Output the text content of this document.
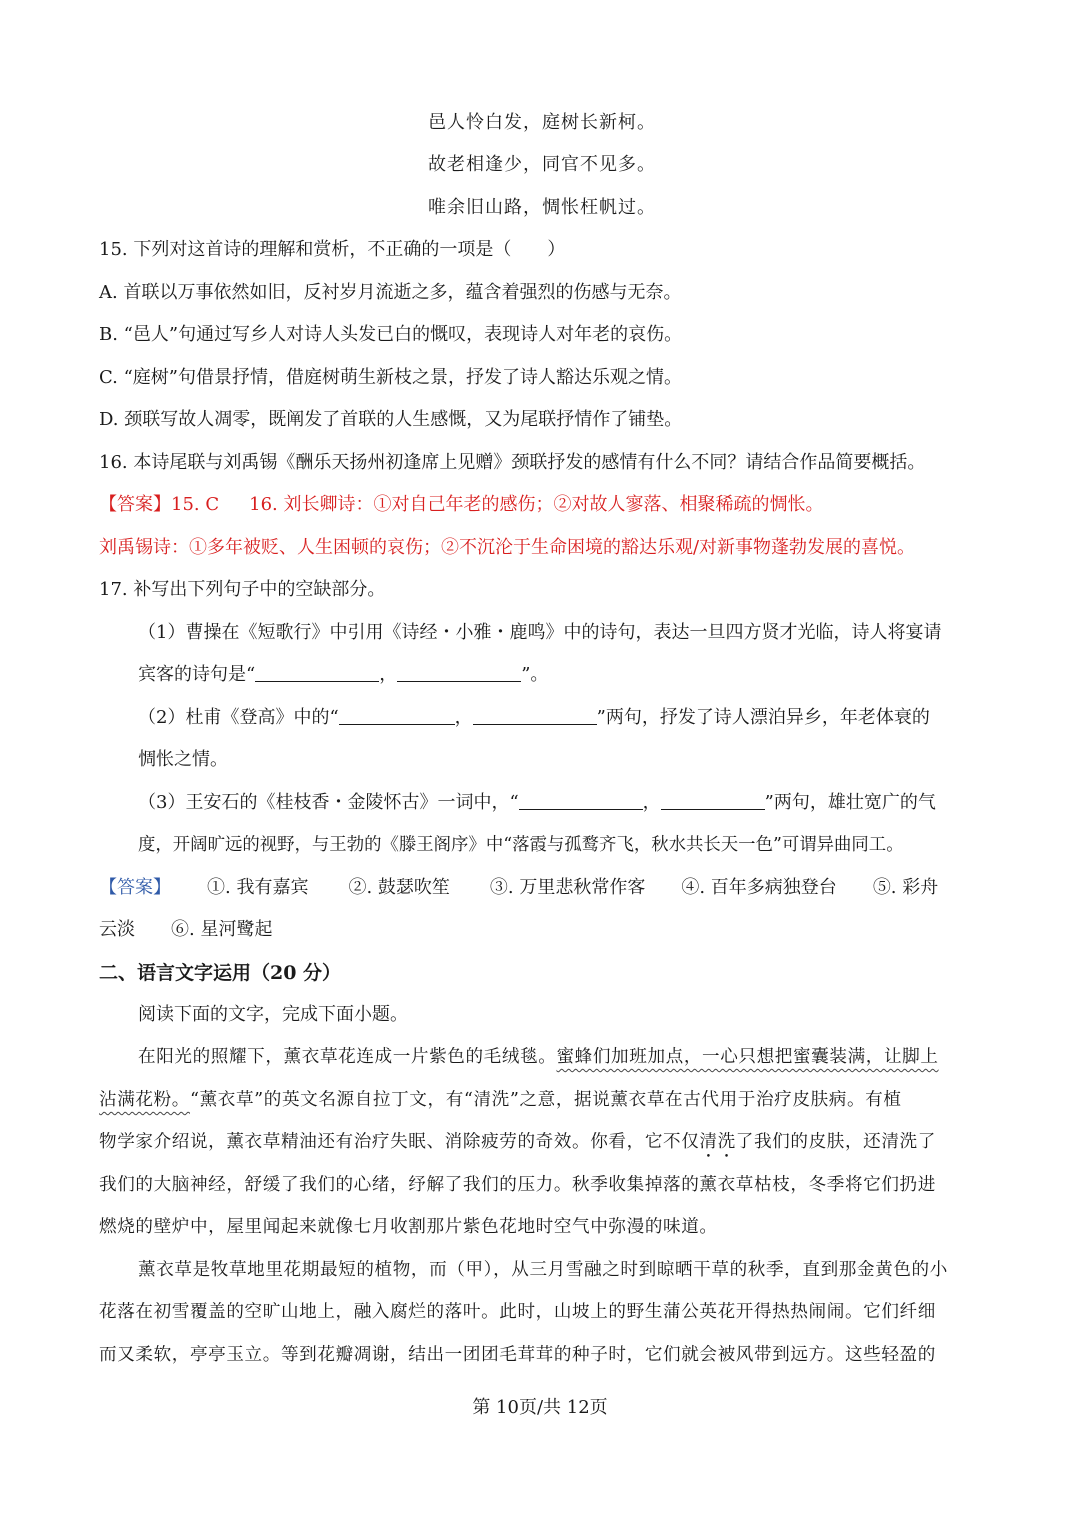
邑人怜白发，庭树长新柯。
故老相逢少，同官不见多。
唯余旧山路，惆怅枉帆过。
15. 下列对这首诗的理解和赏析，不正确的一项是（　　）
A. 首联以万事依然如旧，反衬岁月流逝之多，蕴含着强烈的伤感与无奈。
B. “邑人”句通过写乡人对诗人头发已白的慨叹，表现诗人对年老的哀伤。
C. “庭树”句借景抒情，借庭树萌生新枝之景，抒发了诗人豁达乐观之情。
D. 颈联写故人凋零，既阐发了首联的人生感慨，又为尾联抒情作了铺垫。
16. 本诗尾联与刘禹锡《酬乐天扬州初逢席上见赠》颈联抒发的感情有什么不同？请结合作品简要概括。
【答案】15. C 16. 刘长卿诗：①对自己年老的感伤；②对故人寥落、相聚稀疏的惆怅。
刘禹锡诗：①多年被贬、人生困顿的哀伤；②不沉沦于生命困境的豁达乐观/对新事物蓬勃发展的喜悦。
17. 补写出下列句子中的空缺部分。
（1）曹操在《短歌行》中引用《诗经・小雅・鹿鸣》中的诗句，表达一旦四方贤才光临，诗人将宴请
宾客的诗句是“	，	”。
（2）杜甫《登高》中的“	，	”两句，抒发了诗人漂泊异乡，年老体衰的
惆怅之情。
（3）王安石的《桂枝香・金陵怀古》一词中，“	，	”两句，雄壮宽广的气
度，开阔旷远的视野，与王勃的《滕王阁序》中“落霞与孤鹜齐飞，秋水共长天一色”可谓异曲同工。
【答案】 ①. 我有嘉宾 ②. 鼓瑟吹笙 ③. 万里悲秋常作客 ④. 百年多病独登台 ⑤. 彩舟
云淡 ⑥. 星河鹭起
二、语言文字运用（20 分）
阅读下面的文字，完成下面小题。
在阳光的照耀下，薰衣草花连成一片紫色的毛绒毯。蜜蜂们加班加点，一心只想把蜜囊装满，让脚上
沾满花粉。“薰衣草”的英文名源自拉丁文，有“清洗”之意，据说薰衣草在古代用于治疗皮肤病。有植
物学家介绍说，薰衣草精油还有治疗失眠、消除疲劳的奇效。你看，它不仅清洗了我们的皮肤，还清洗了
我们的大脑神经，舒缓了我们的心绪，纾解了我们的压力。秋季收集掉落的薰衣草枯枝，冬季将它们扔进
燃烧的壁炉中，屋里闻起来就像七月收割那片紫色花地时空气中弥漫的味道。
薰衣草是牧草地里花期最短的植物，而（甲），从三月雪融之时到晾晒干草的秋季，直到那金黄色的小
花落在初雪覆盖的空旷山地上，融入腐烂的落叶。此时，山坡上的野生蒲公英花开得热热闹闹。它们纤细
而又柔软，亭亭玉立。等到花瓣凋谢，结出一团团毛茸茸的种子时，它们就会被风带到远方。这些轻盈的
第 10页/共 12页
